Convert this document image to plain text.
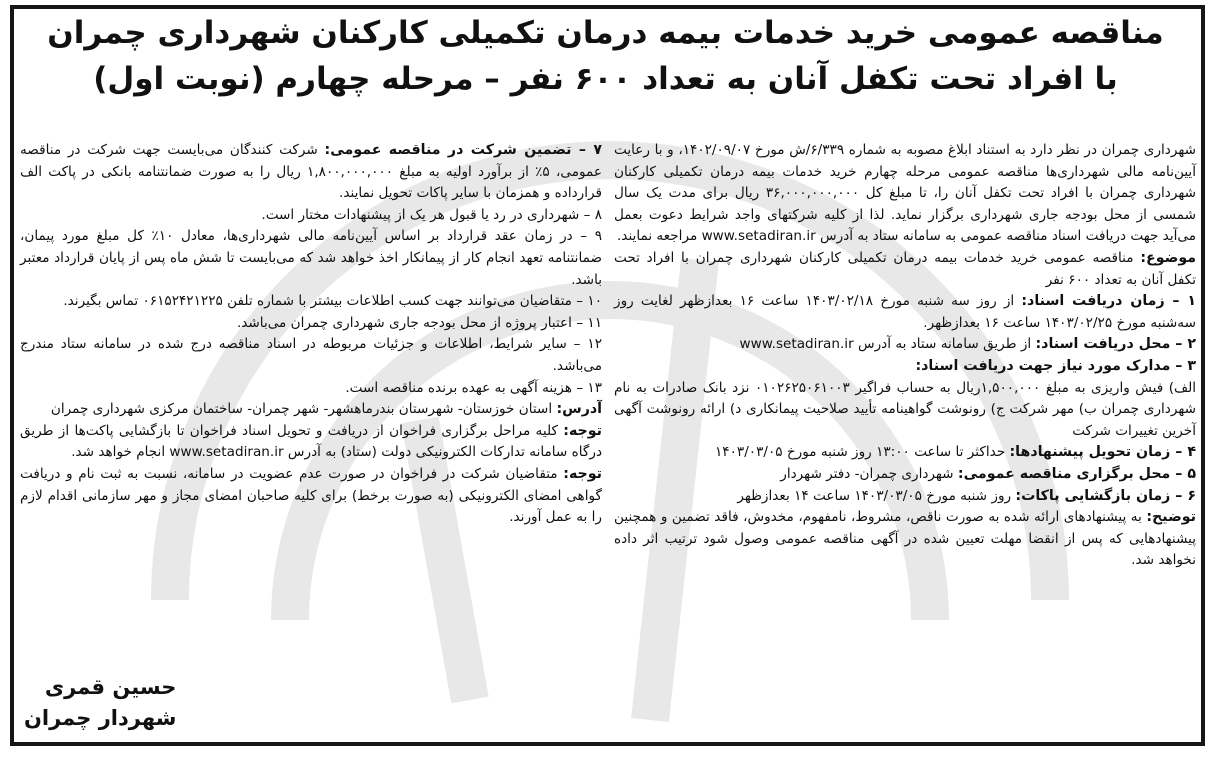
مناقصه عمومی خرید خدمات بیمه درمان تکمیلی کارکنان شهرداری چمران
با افراد تحت تکفل آنان به تعداد ۶۰۰ نفر – مرحله چهارم (نوبت اول)

شهرداری چمران در نظر دارد به استناد ابلاغ مصوبه به شماره ۶/۳۳۹/ش مورخ ۱۴۰۲/۰۹/۰۷، و با رعایت آیین‌نامه مالی شهرداری‌ها مناقصه عمومی مرحله چهارم خرید خدمات بیمه درمان تکمیلی کارکنان شهرداری چمران با افراد تحت تکفل آنان را، تا مبلغ کل ۳۶,۰۰۰,۰۰۰,۰۰۰ ریال برای مدت یک سال شمسی از محل بودجه جاری شهرداری برگزار نماید. لذا از کلیه شرکتهای واجد شرایط دعوت بعمل می‌آید جهت دریافت اسناد مناقصه عمومی به سامانه ستاد به آدرس www.setadiran.ir مراجعه نمایند.

موضوع: مناقصه عمومی خرید خدمات بیمه درمان تکمیلی کارکنان شهرداری چمران با افراد تحت تکفل آنان به تعداد ۶۰۰ نفر

۱ – زمان دریافت اسناد: از روز سه شنبه مورخ ۱۴۰۳/۰۲/۱۸ ساعت ۱۶ بعدازظهر لغایت روز سه‌شنبه مورخ ۱۴۰۳/۰۲/۲۵ ساعت ۱۶ بعدازظهر.

۲ – محل دریافت اسناد: از طریق سامانه ستاد به آدرس www.setadiran.ir

۳ – مدارک مورد نیاز جهت دریافت اسناد:

الف) فیش واریزی به مبلغ ۱,۵۰۰,۰۰۰ریال به حساب فراگیر ۰۱۰۲۶۲۵۰۶۱۰۰۳ نزد بانک صادرات به نام شهرداری چمران ب) مهر شرکت ج) رونوشت گواهینامه تأیید صلاحیت پیمانکاری د) ارائه رونوشت آگهی آخرین تغییرات شرکت

۴ – زمان تحویل پیشنهادها: حداکثر تا ساعت ۱۳:۰۰ روز شنبه مورخ ۱۴۰۳/۰۳/۰۵

۵ – محل برگزاری مناقصه عمومی: شهرداری چمران- دفتر شهردار

۶ – زمان بازگشایی پاکات: روز شنبه مورخ ۱۴۰۳/۰۳/۰۵ ساعت ۱۴ بعدازظهر

توضیح: به پیشنهادهای ارائه شده به صورت ناقص، مشروط، نامفهوم، مخدوش، فاقد تضمین و همچنین پیشنهادهایی که پس از انقضا مهلت تعیین شده در آگهی مناقصه عمومی وصول شود ترتیب اثر داده نخواهد شد.

۷ – تضمین شرکت در مناقصه عمومی: شرکت کنندگان می‌بایست جهت شرکت در مناقصه عمومی، ۵٪ از برآورد اولیه به مبلغ ۱,۸۰۰,۰۰۰,۰۰۰ ریال را به صورت ضمانتنامه بانکی در پاکت الف قرارداده و همزمان با سایر پاکات تحویل نمایند.

۸ – شهرداری در رد یا قبول هر یک از پیشنهادات مختار است.

۹ – در زمان عقد قرارداد بر اساس آیین‌نامه مالی شهرداری‌ها، معادل ۱۰٪ کل مبلغ مورد پیمان، ضمانتنامه تعهد انجام کار از پیمانکار اخذ خواهد شد که می‌بایست تا شش ماه پس از پایان قرارداد معتبر باشد.

۱۰ – متقاضیان می‌توانند جهت کسب اطلاعات بیشتر با شماره تلفن ۰۶۱۵۲۴۲۱۲۲۵ تماس بگیرند.

۱۱ – اعتبار پروژه از محل بودجه جاری شهرداری چمران می‌باشد.

۱۲ – سایر شرایط، اطلاعات و جزئیات مربوطه در اسناد مناقصه درج شده در سامانه ستاد مندرج می‌باشد.

۱۳ – هزینه آگهی به عهده برنده مناقصه است.

آدرس: استان خوزستان- شهرستان بندرماهشهر- شهر چمران- ساختمان مرکزی شهرداری چمران

توجه: کلیه مراحل برگزاری فراخوان از دریافت و تحویل اسناد فراخوان تا بازگشایی پاکت‌ها از طریق درگاه سامانه تدارکات الکترونیکی دولت (ستاد) به آدرس www.setadiran.ir انجام خواهد شد.

توجه: متقاضیان شرکت در فراخوان در صورت عدم عضویت در سامانه، نسبت به ثبت نام و دریافت گواهی امضای الکترونیکی (به صورت برخط) برای کلیه صاحبان امضای مجاز و مهر سازمانی اقدام لازم را به عمل آورند.

حسین قمری
شهردار چمران
